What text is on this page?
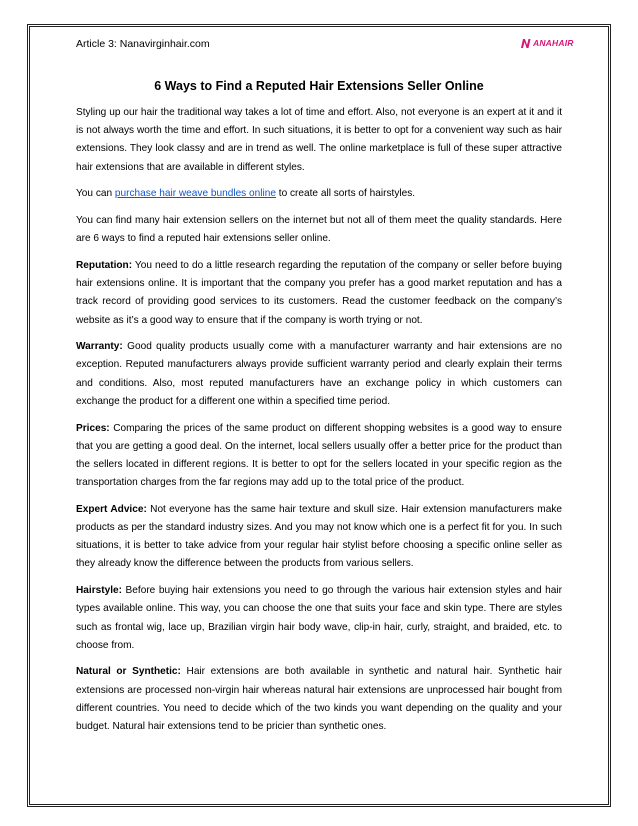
Article 3: Nanavirginhair.com	ANAHAIR
6 Ways to Find a Reputed Hair Extensions Seller Online

Styling up our hair the traditional way takes a lot of time and effort. Also, not everyone is an expert at it and it is not always worth the time and effort. In such situations, it is better to opt for a convenient way such as hair extensions. They look classy and are in trend as well. The online marketplace is full of these super attractive hair extensions that are available in different styles.

You can purchase hair weave bundles online to create all sorts of hairstyles.

You can find many hair extension sellers on the internet but not all of them meet the quality standards. Here are 6 ways to find a reputed hair extensions seller online.

Reputation: You need to do a little research regarding the reputation of the company or seller before buying hair extensions online. It is important that the company you prefer has a good market reputation and has a track record of providing good services to its customers. Read the customer feedback on the company’s website as it’s a good way to ensure that if the company is worth trying or not.

Warranty: Good quality products usually come with a manufacturer warranty and hair extensions are no exception. Reputed manufacturers always provide sufficient warranty period and clearly explain their terms and conditions. Also, most reputed manufacturers have an exchange policy in which customers can exchange the product for a different one within a specified time period.

Prices: Comparing the prices of the same product on different shopping websites is a good way to ensure that you are getting a good deal. On the internet, local sellers usually offer a better price for the product than the sellers located in different regions. It is better to opt for the sellers located in your specific region as the transportation charges from the far regions may add up to the total price of the product.

Expert Advice: Not everyone has the same hair texture and skull size. Hair extension manufacturers make products as per the standard industry sizes. And you may not know which one is a perfect fit for you. In such situations, it is better to take advice from your regular hair stylist before choosing a specific online seller as they already know the difference between the products from various sellers.

Hairstyle: Before buying hair extensions you need to go through the various hair extension styles and hair types available online. This way, you can choose the one that suits your face and skin type. There are styles such as frontal wig, lace up, Brazilian virgin hair body wave, clip-in hair, curly, straight, and braided, etc. to choose from.

Natural or Synthetic: Hair extensions are both available in synthetic and natural hair. Synthetic hair extensions are processed non-virgin hair whereas natural hair extensions are unprocessed hair bought from different countries. You need to decide which of the two kinds you want depending on the quality and your budget. Natural hair extensions tend to be pricier than synthetic ones.
